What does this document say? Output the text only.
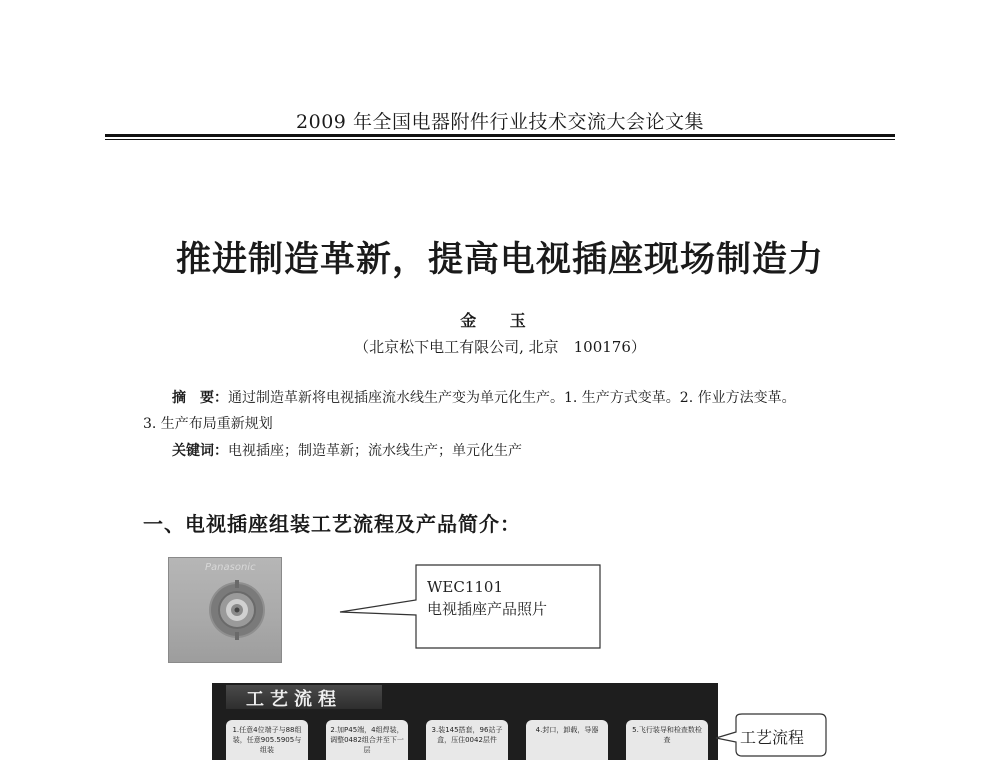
2009 年全国电器附件行业技术交流大会论文集
推进制造革新，提高电视插座现场制造力
金 玉
（北京松下电工有限公司, 北京　100176）
摘　要：通过制造革新将电视插座流水线生产变为单元化生产。1. 生产方式变革。2. 作业方法变革。
3. 生产布局重新规划
关键词：电视插座；制造革新；流水线生产；单元化生产
一、电视插座组装工艺流程及产品简介：
Panasonic
WEC1101
电视插座产品照片
工艺流程
1.任意4位端子与88组装，任意905.5905与组装
2.加P45端，4组焊装，调整0482组合并至下一层
3.装145搭套，96站子盒，压住0042层件
4.封口，卸载，导器	5.飞行装导和检查数检查	工艺流程
